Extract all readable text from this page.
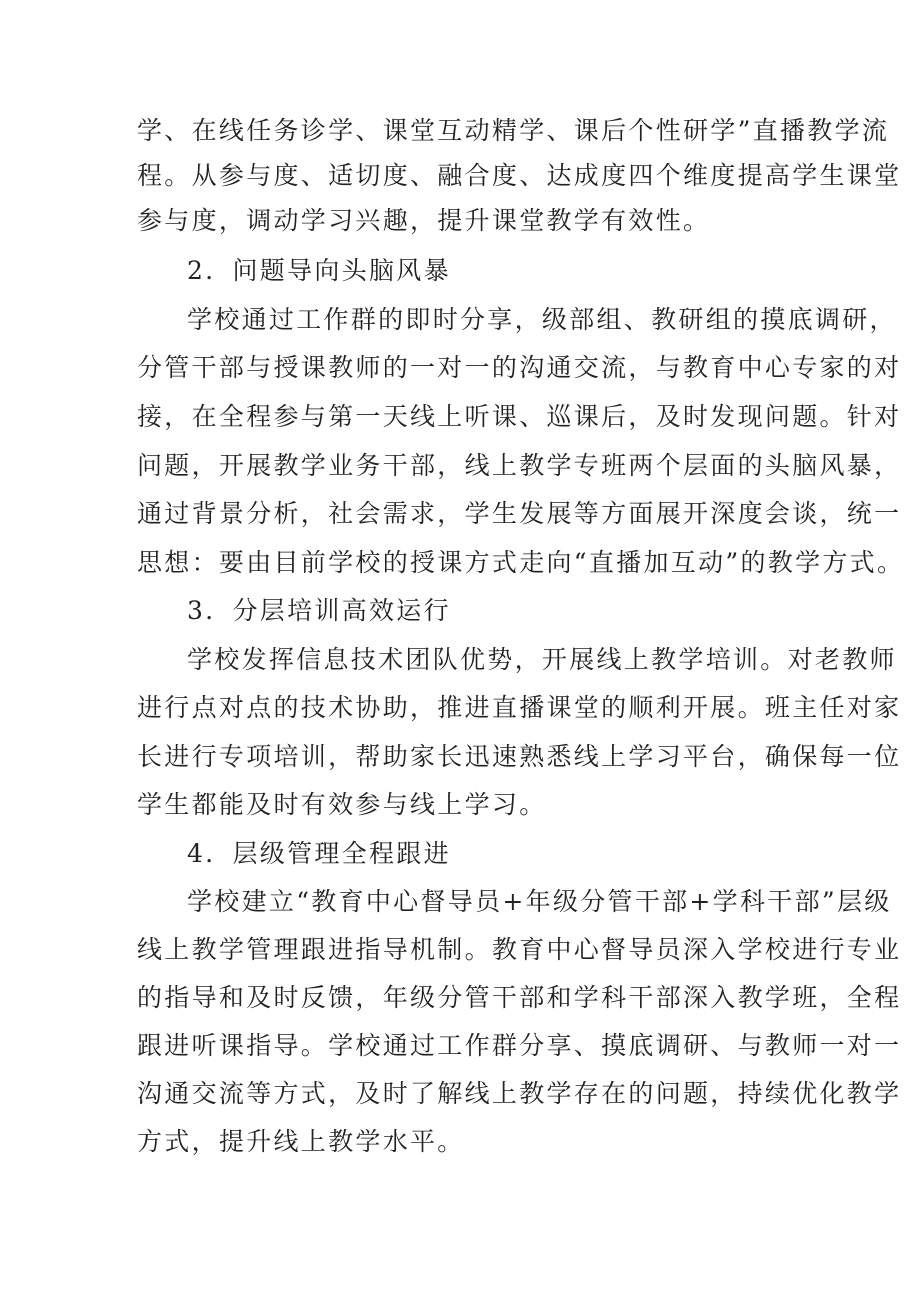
学、在线任务诊学、课堂互动精学、课后个性研学”直播教学流
程。从参与度、适切度、融合度、达成度四个维度提高学生课堂
参与度，调动学习兴趣，提升课堂教学有效性。
2．问题导向头脑风暴
学校通过工作群的即时分享，级部组、教研组的摸底调研，
分管干部与授课教师的一对一的沟通交流，与教育中心专家的对
接，在全程参与第一天线上听课、巡课后，及时发现问题。针对
问题，开展教学业务干部，线上教学专班两个层面的头脑风暴，
通过背景分析，社会需求，学生发展等方面展开深度会谈，统一
思想：要由目前学校的授课方式走向“直播加互动”的教学方式。
3．分层培训高效运行
学校发挥信息技术团队优势，开展线上教学培训。对老教师
进行点对点的技术协助，推进直播课堂的顺利开展。班主任对家
长进行专项培训，帮助家长迅速熟悉线上学习平台，确保每一位
学生都能及时有效参与线上学习。
4．层级管理全程跟进
学校建立“教育中心督导员+年级分管干部+学科干部”层级
线上教学管理跟进指导机制。教育中心督导员深入学校进行专业
的指导和及时反馈，年级分管干部和学科干部深入教学班，全程
跟进听课指导。学校通过工作群分享、摸底调研、与教师一对一
沟通交流等方式，及时了解线上教学存在的问题，持续优化教学
方式，提升线上教学水平。
